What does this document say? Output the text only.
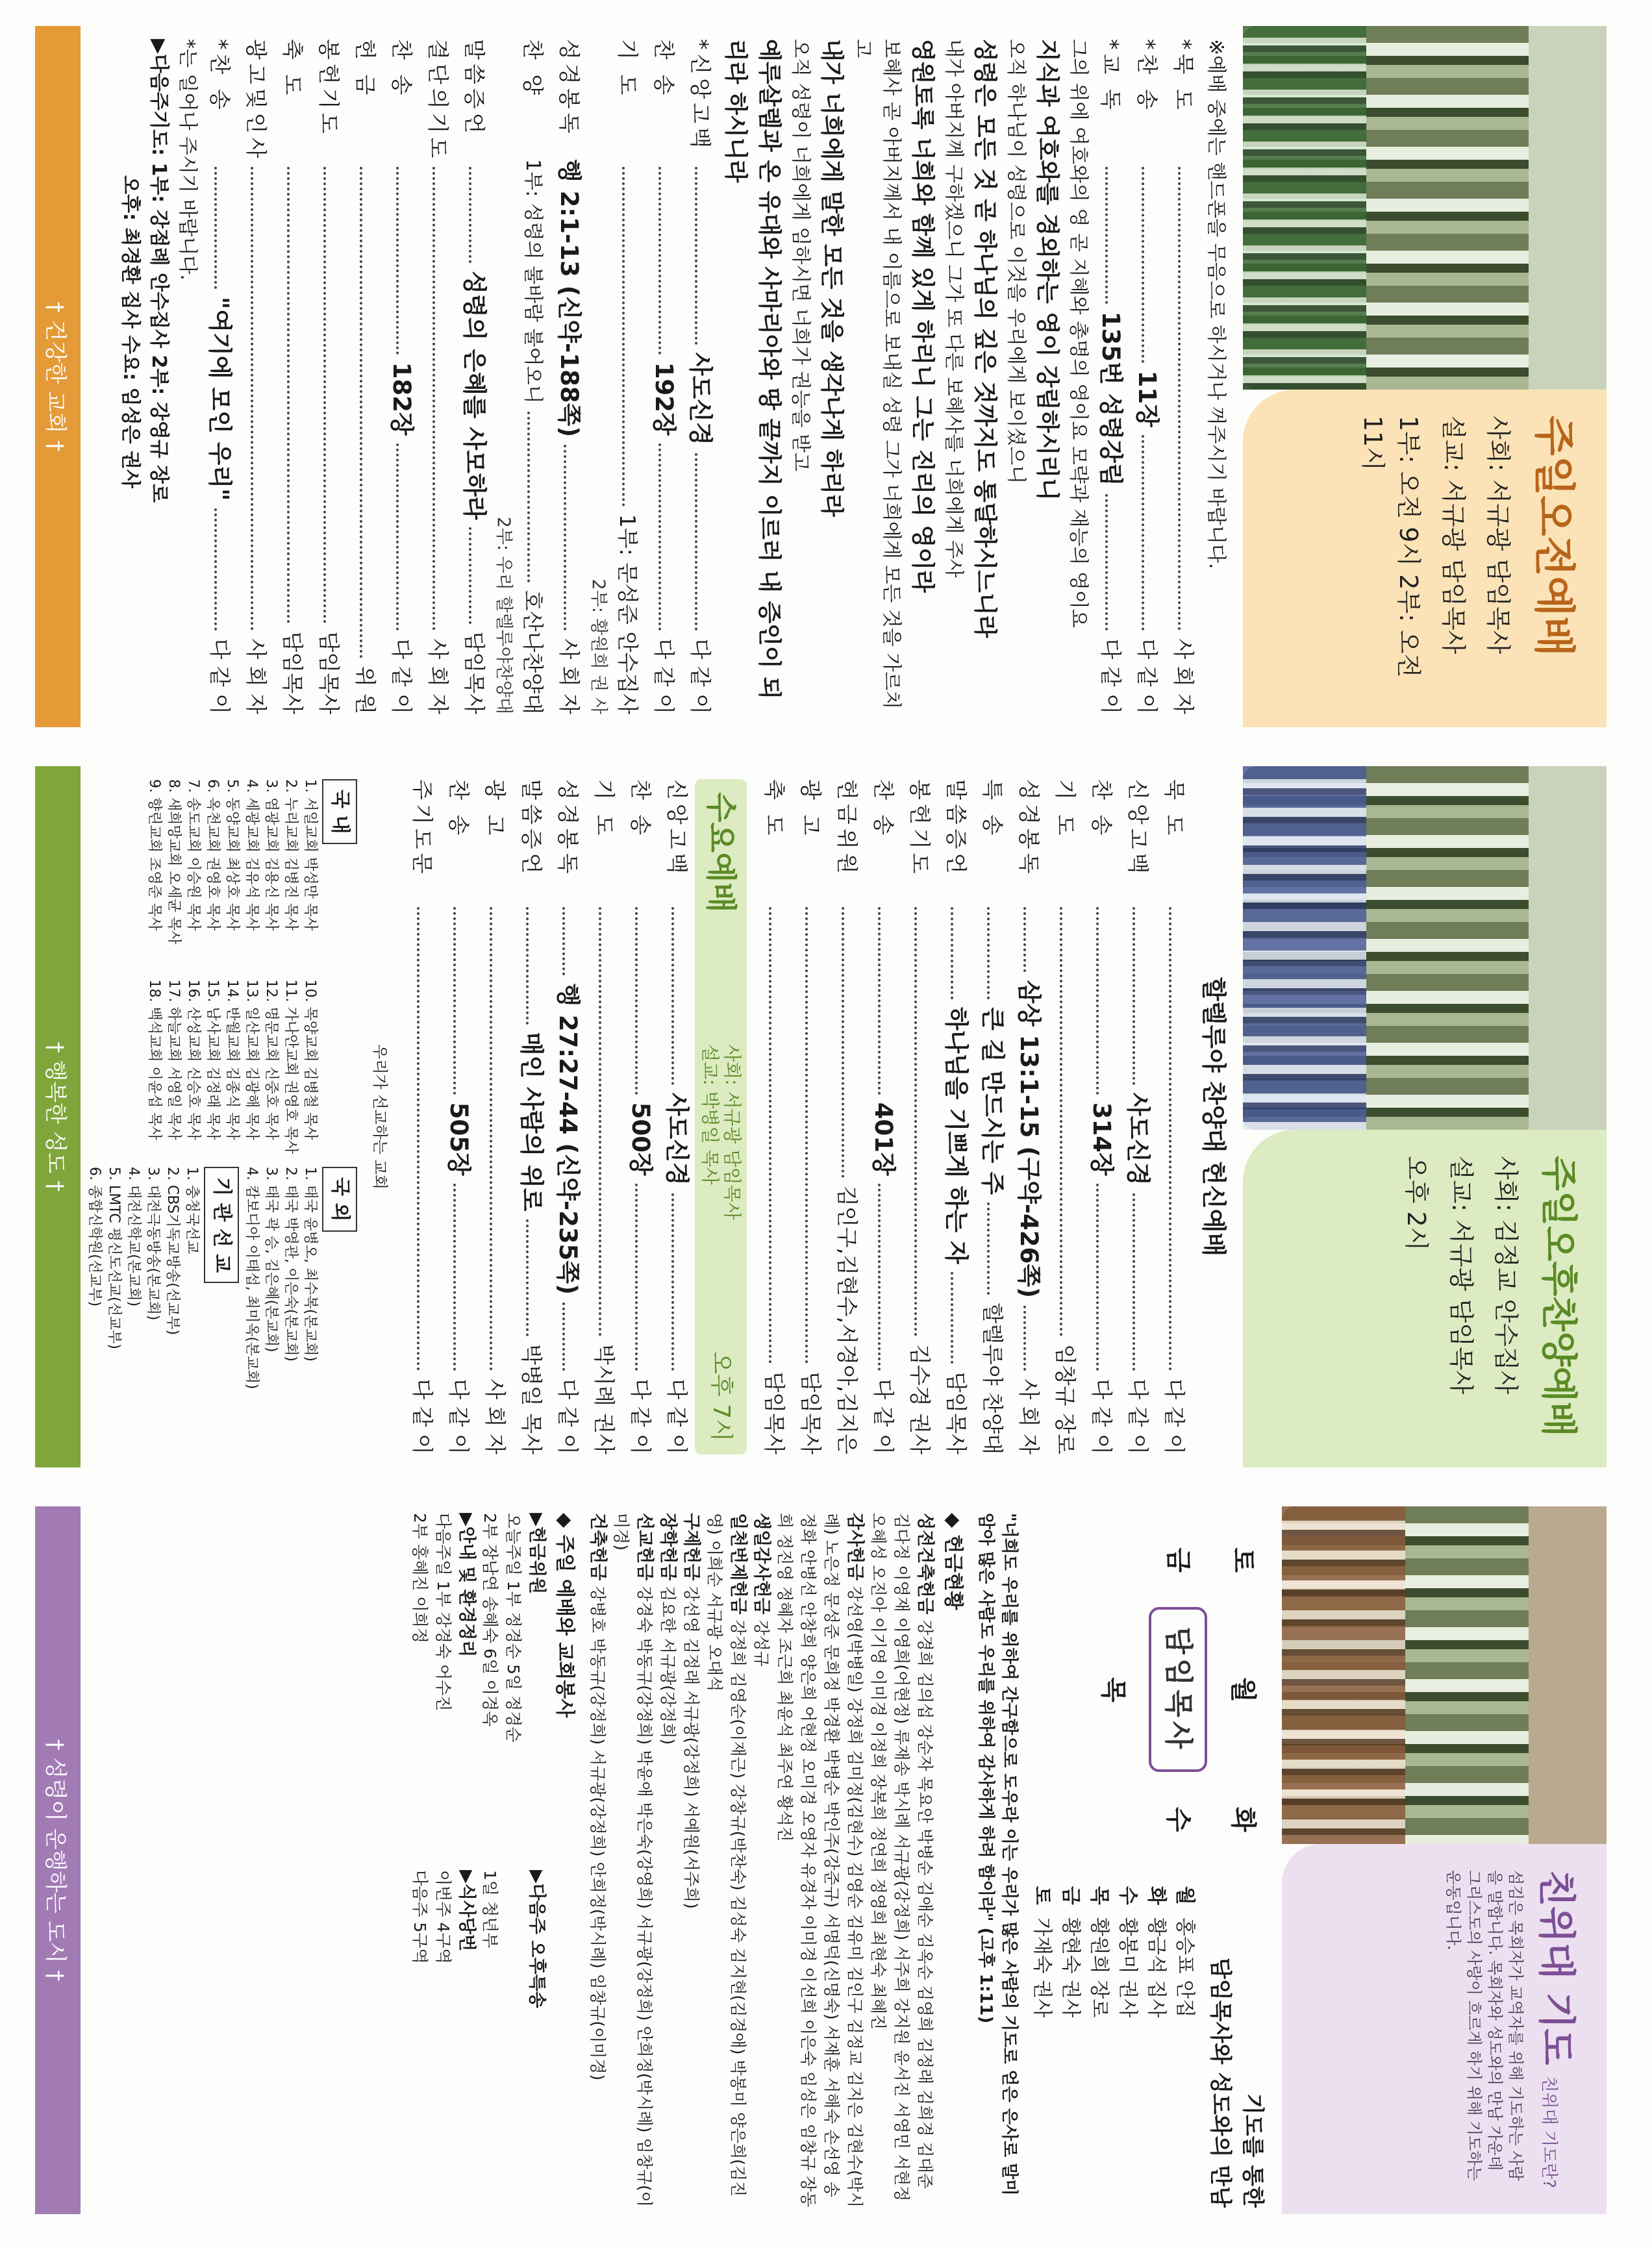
주일오전예배
사회: 서규광 담임목사
설교: 서규광 담임목사
1부: 오전 9시 2부: 오전 11시
※예배 중에는 핸드폰을 무음으로 하시거나 꺼주시기 바랍니다.
*묵 도
사 회 자
*찬 송
11장
다 같 이
*교 독
135번 성령강림
다 같 이
그의 위에 여호와의 영 곧 지혜와 총명의 영이요 모략과 재능의 영이요
지식과 여호와를 경외하는 영이 강림하시리니
오직 하나님이 성령으로 이것을 우리에게 보이셨으니
성령은 모든 것 곧 하나님의 깊은 것까지도 통달하시느니라
내가 아버지께 구하겠으니 그가 또 다른 보혜사를 너희에게 주사
영원토록 너희와 함께 있게 하리니 그는 진리의 영이라
보혜사 곧 아버지께서 내 이름으로 보내실 성령 그가 너희에게 모든 것을 가르치고
내가 너희에게 말한 모든 것을 생각나게 하리라
오직 성령이 너희에게 임하시면 너희가 권능을 받고
예루살렘과 온 유대와 사마리아와 땅 끝까지 이르러 내 증인이 되리라 하시니라
*신앙고백
사도신경
다 같 이
찬 송
192장
다 같 이
기 도
1부: 문성준 안수집사
2부: 황원희 권 사
성경봉독
행 2:1-13 (신약-188쪽)
사 회 자
찬 양
1부: 성령의 불바람 불어오니
호산나찬양대
2부: 우리 할렐루야찬양대
말씀증언
성령의 은혜를 사모하라
담임목사
결단의기도
사 회 자
찬 송
182장
다 같 이
헌 금
위 원
봉헌기도
담임목사
축 도
담임목사
광고및인사
사 회 자
*찬 송
"여기에 모인 우리"
다 같 이
*는 일어나 주시기 바랍니다.
▶다음주기도: 1부: 강점례 안수집사 2부: 강영규 장로
오후: 최경환 집사 수요: 임성은 권사
† 건강한 교회 †
주일오후찬양예배
사회: 김정교 안수집사
설교: 서규광 담임목사
오후 2시
할렐루야 찬양대 헌신예배
묵 도
다 같 이
신앙고백
사도신경
다 같 이
찬 송
314장
다 같 이
기 도
임창규 장로
성경봉독
삼상 13:1-15 (구약-426쪽)
사 회 자
특 송
큰 길 만드시는 주
할렐루야 찬양대
말씀증언
하나님을 기쁘게 하는 자
담임목사
봉헌기도
김수경 권사
찬 송
401장
다 같 이
헌금위원
김인구,김현수,서경아,김지은
광 고
담임목사
축 도
담임목사
수요예배
사회: 서규광 담임목사
설교: 박병일 목사
오후 7시
신앙고백
사도신경
다 같 이
찬 송
500장
다 같 이
기 도
박시례 권사
성경봉독
행 27:27-44 (신약-235쪽)
다 같 이
말씀증언
매인 사람의 위로
박병일 목사
광 고
사 회 자
찬 송
505장
다 같 이
주기도문
다 같 이
우리가 선교하는 교회
국 내
1. 서일교회 박성만 목사
2. 누리교회 김병진 목사
3. 염광교회 김용신 목사
4. 세광교회 김유석 목사
5. 동양교회 최상호 목사
6. 옥천교회 권영호 목사
7. 송도교회 이승원 목사
8. 새희망교회 오세균 목사
9. 향린교회 조영준 목사
10. 목양교회 김병철 목사
11. 가나안교회 권영호 목사
12. 명문교회 신중호 목사
13. 일산교회 김광해 목사
14. 반월교회 김종식 목사
15. 남사교회 김정래 목사
16. 산성교회 신승호 목사
17. 하늘교회 서영일 목사
18. 백석교회 이윤섭 목사
국 외
1. 태국 윤병오, 최수복(본교회)
2. 태국 박영관, 이은숙(본교회)
3. 태국 곽 승, 김은혜(본교회)
4. 캄보디아 이태섭, 최미옥(본교회)
기 관 선 교
1. 충청국선교
2. CBS기독교방송(선교부)
3. 대전극동방송(본교회)
4. 대전신학교(본교회)
5. LMTC 평신도선교(선교부)
6. 종합신학원(선교부)
† 행복한 성도 †
친위대 기도
친위대 기도란?
섬김은 목회자가 교역자를 위해 기도하는 사람을 말합니다. 목회자와 성도와의 만남 가운데 그리스도의 사랑이 흐르게 하기 위해 기도하는 운동입니다.
토
월
화
금
담임목사
수
목
기도를 통한
담임목사와 성도와의 만남
월  홍승표 안집
화  황금석 집사
수  황봉미 권사
목  황원희 장로
금  황현숙 권사
토  가재숙 권사
"너희도 우리를 위하여 간구함으로 도우라 이는 우리가 많은 사람의 기도로 얻은 은사로 말미암아 많은 사람도 우리를 위하여 감사하게 하려 함이라" (고후 1:11)
◆ 헌금현황
성전건축헌금 강경희 김의섭 강순자 목요안 박병순 김애순 김옥순 김영희 김정래 김희경 김대준 김다정 이영재 이영희(어현정) 류재송 박시례 서규광(강정희) 서주희 강지원 윤서진 서영민 서현정 오혜성 오진아 이기영 이미경 이정희 장복희 정연희 정영희 최현숙 최혜진
감사헌금 강선영(박병일) 강정희 김미정(김현수) 김영순 김유미 김인구 김정교 김지은 김현수(박시례) 노은정 문성준 문희정 박경환 박병순 박인주(강준규) 서명덕(신명숙) 서재훈 서해숙 손선영 송정화 안병선 안창희 양은희 어현정 오미경 오영자 유경자 이미경 이선희 이은숙 임성은 임창규 장동희 정진영 정혜자 조근희 최윤석 최주연 황석진
생일감사헌금 강성규
일천번제헌금 강정희 김영순(이재근) 강창규(박찬숙) 김성숙 김지현(김경애) 박봉미 양은희(김진영) 이희순 서규광 오대석
구제헌금 강선영 김정래 서규광(강정희) 서예원(서주희)
장학헌금 김요한 서규광(강정희)
선교헌금 강경숙 박동규(강정희) 박윤애 박은숙(강영희) 서규광(강정희) 안희정(박시례) 임창규(이미경)
건축헌금 강병호 박동규(강정희) 서규광(강정희) 안희정(박시례) 임창규(이미경)
◆ 주일 예배와 교회봉사
▶헌금위원
오늘주일 1부 정경순 5일 정경순
2부 장남연 송혜숙 6일 이경옥
▶안내 및 환경정리
다음주일 1부 강경숙 어수진
2부 홍혜진 이희정
▶다음주 오후특송

1일 청년부
▶식사당번
이번주 4구역
다음주 5구역
† 성령이 운행하는 도시 †
